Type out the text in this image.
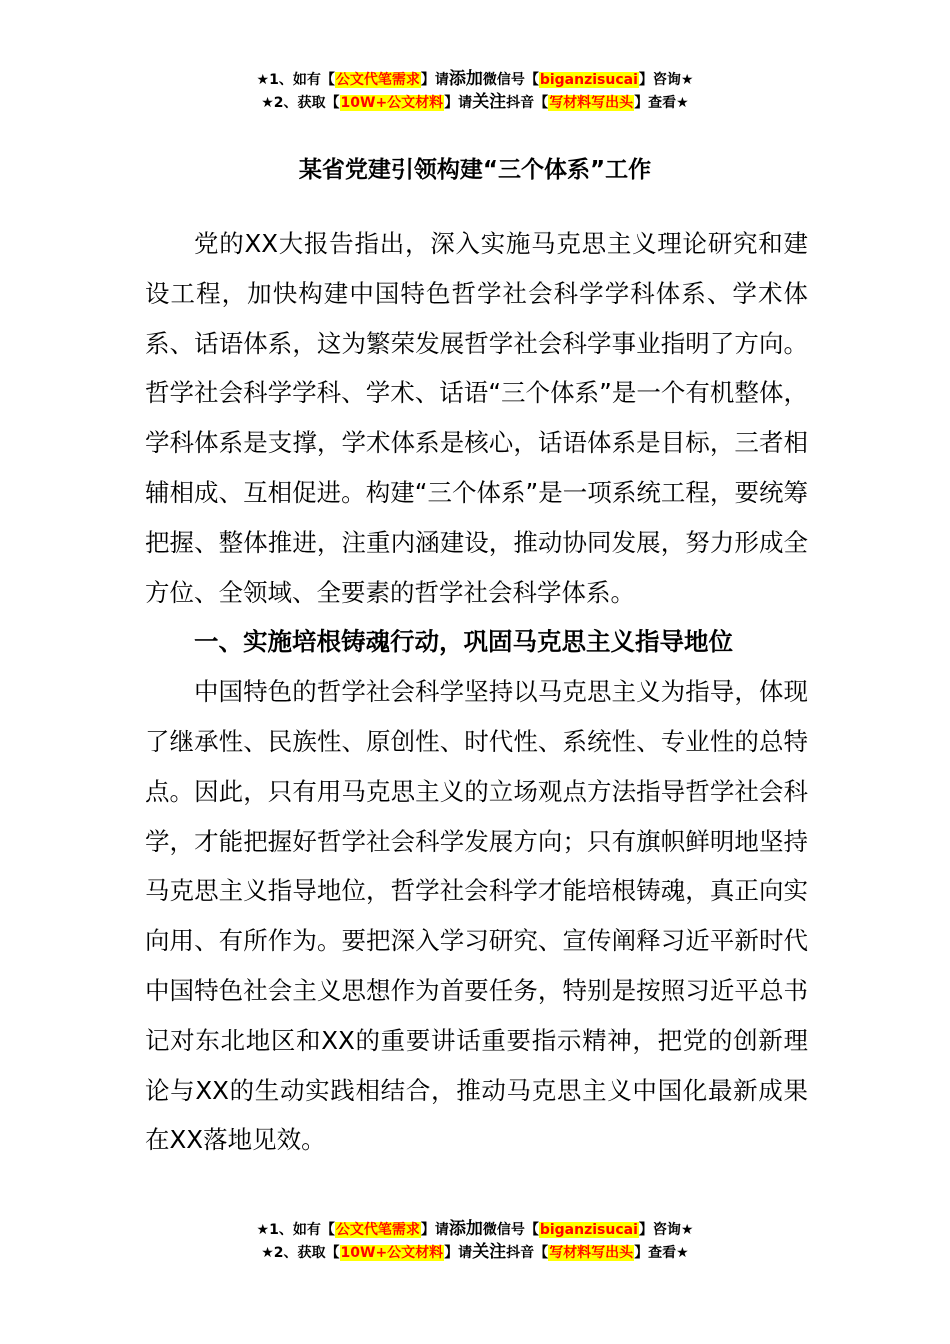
★1、如有【公文代笔需求】请添加微信号【biganzisucai】咨询★
★2、获取【10W+公文材料】请关注抖音【写材料写出头】查看★
某省党建引领构建“三个体系”工作

党的XX大报告指出，深入实施马克思主义理论研究和建设工程，加快构建中国特色哲学社会科学学科体系、学术体系、话语体系，这为繁荣发展哲学社会科学事业指明了方向。哲学社会科学学科、学术、话语“三个体系”是一个有机整体，学科体系是支撑，学术体系是核心，话语体系是目标，三者相辅相成、互相促进。构建“三个体系”是一项系统工程，要统筹把握、整体推进，注重内涵建设，推动协同发展，努力形成全方位、全领域、全要素的哲学社会科学体系。

一、实施培根铸魂行动，巩固马克思主义指导地位

中国特色的哲学社会科学坚持以马克思主义为指导，体现了继承性、民族性、原创性、时代性、系统性、专业性的总特点。因此，只有用马克思主义的立场观点方法指导哲学社会科学，才能把握好哲学社会科学发展方向；只有旗帜鲜明地坚持马克思主义指导地位，哲学社会科学才能培根铸魂，真正向实向用、有所作为。要把深入学习研究、宣传阐释习近平新时代中国特色社会主义思想作为首要任务，特别是按照习近平总书记对东北地区和XX的重要讲话重要指示精神，把党的创新理论与XX的生动实践相结合，推动马克思主义中国化最新成果在XX落地见效。

★1、如有【公文代笔需求】请添加微信号【biganzisucai】咨询★
★2、获取【10W+公文材料】请关注抖音【写材料写出头】查看★
